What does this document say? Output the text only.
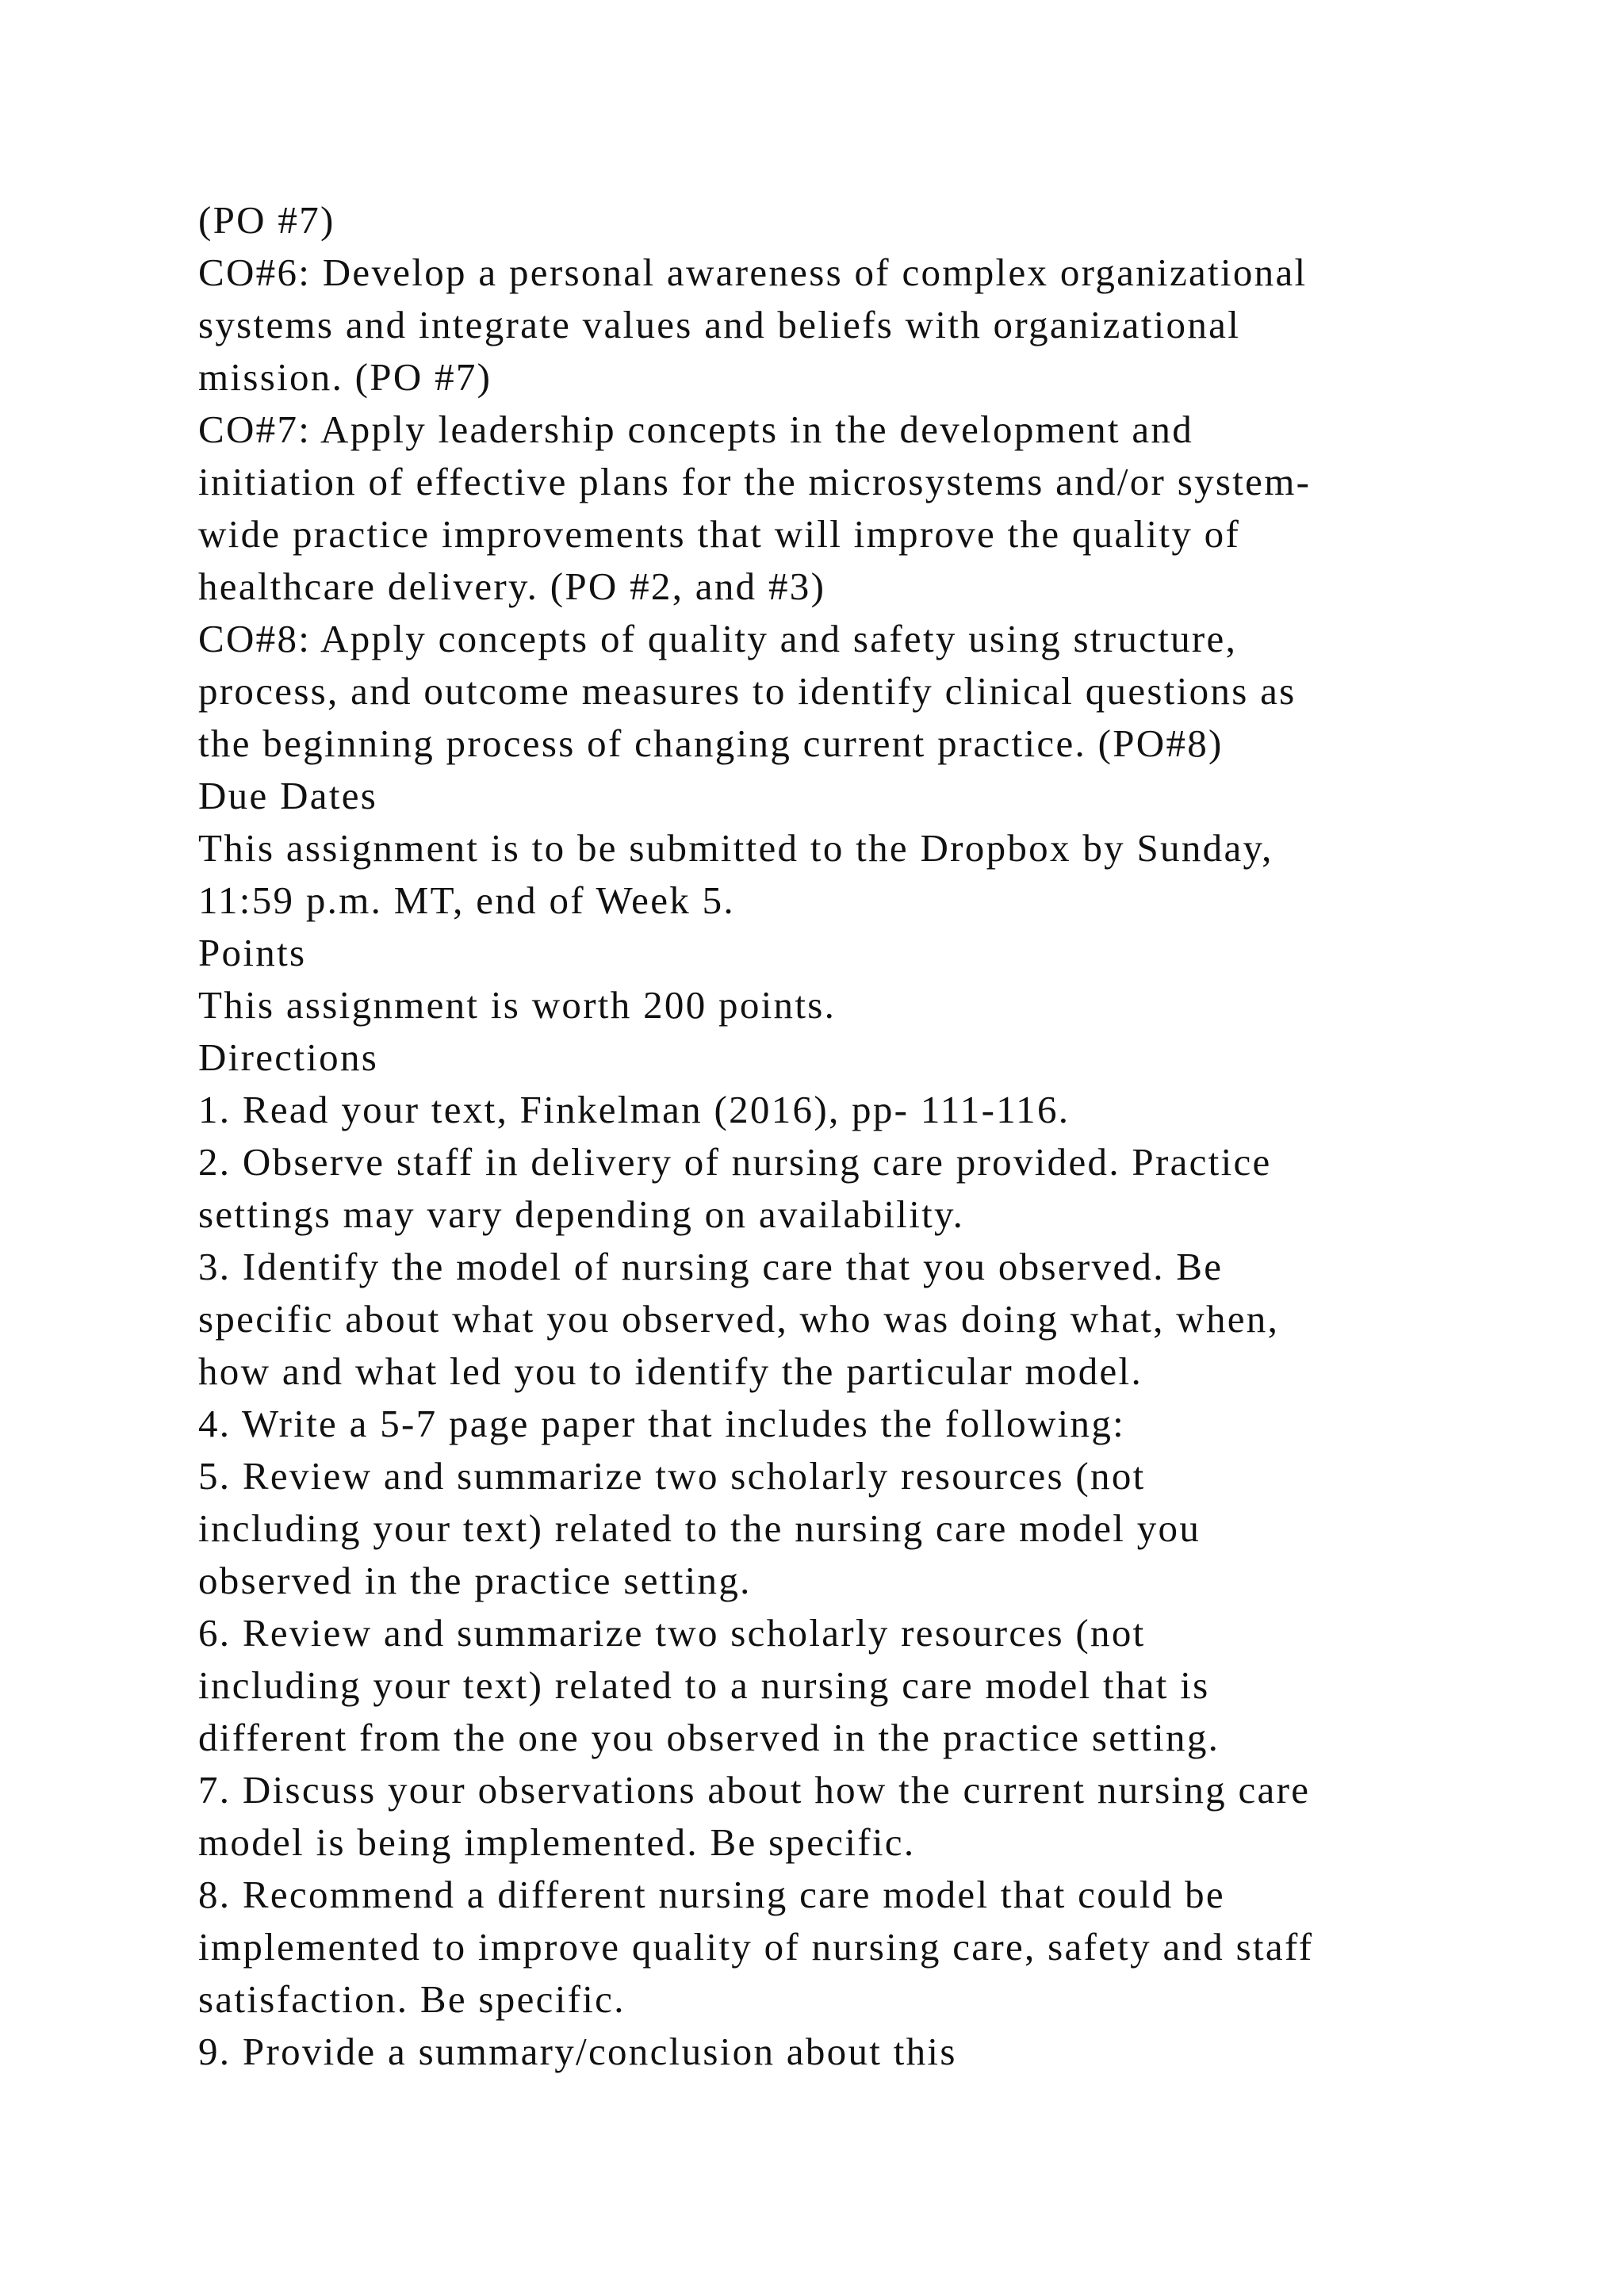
(PO #7)
CO#6: Develop a personal awareness of complex organizational
systems and integrate values and beliefs with organizational
mission. (PO #7)
CO#7: Apply leadership concepts in the development and
initiation of effective plans for the microsystems and/or system-
wide practice improvements that will improve the quality of
healthcare delivery. (PO #2, and #3)
CO#8: Apply concepts of quality and safety using structure,
process, and outcome measures to identify clinical questions as
the beginning process of changing current practice. (PO#8)
Due Dates
This assignment is to be submitted to the Dropbox by Sunday,
11:59 p.m. MT, end of Week 5.
Points
This assignment is worth 200 points.
Directions
1. Read your text, Finkelman (2016), pp- 111-116.
2. Observe staff in delivery of nursing care provided. Practice
settings may vary depending on availability.
3. Identify the model of nursing care that you observed. Be
specific about what you observed, who was doing what, when,
how and what led you to identify the particular model.
4. Write a 5-7 page paper that includes the following:
5. Review and summarize two scholarly resources (not
including your text) related to the nursing care model you
observed in the practice setting.
6. Review and summarize two scholarly resources (not
including your text) related to a nursing care model that is
different from the one you observed in the practice setting.
7. Discuss your observations about how the current nursing care
model is being implemented. Be specific.
8. Recommend a different nursing care model that could be
implemented to improve quality of nursing care, safety and staff
satisfaction. Be specific.
9. Provide a summary/conclusion about this
